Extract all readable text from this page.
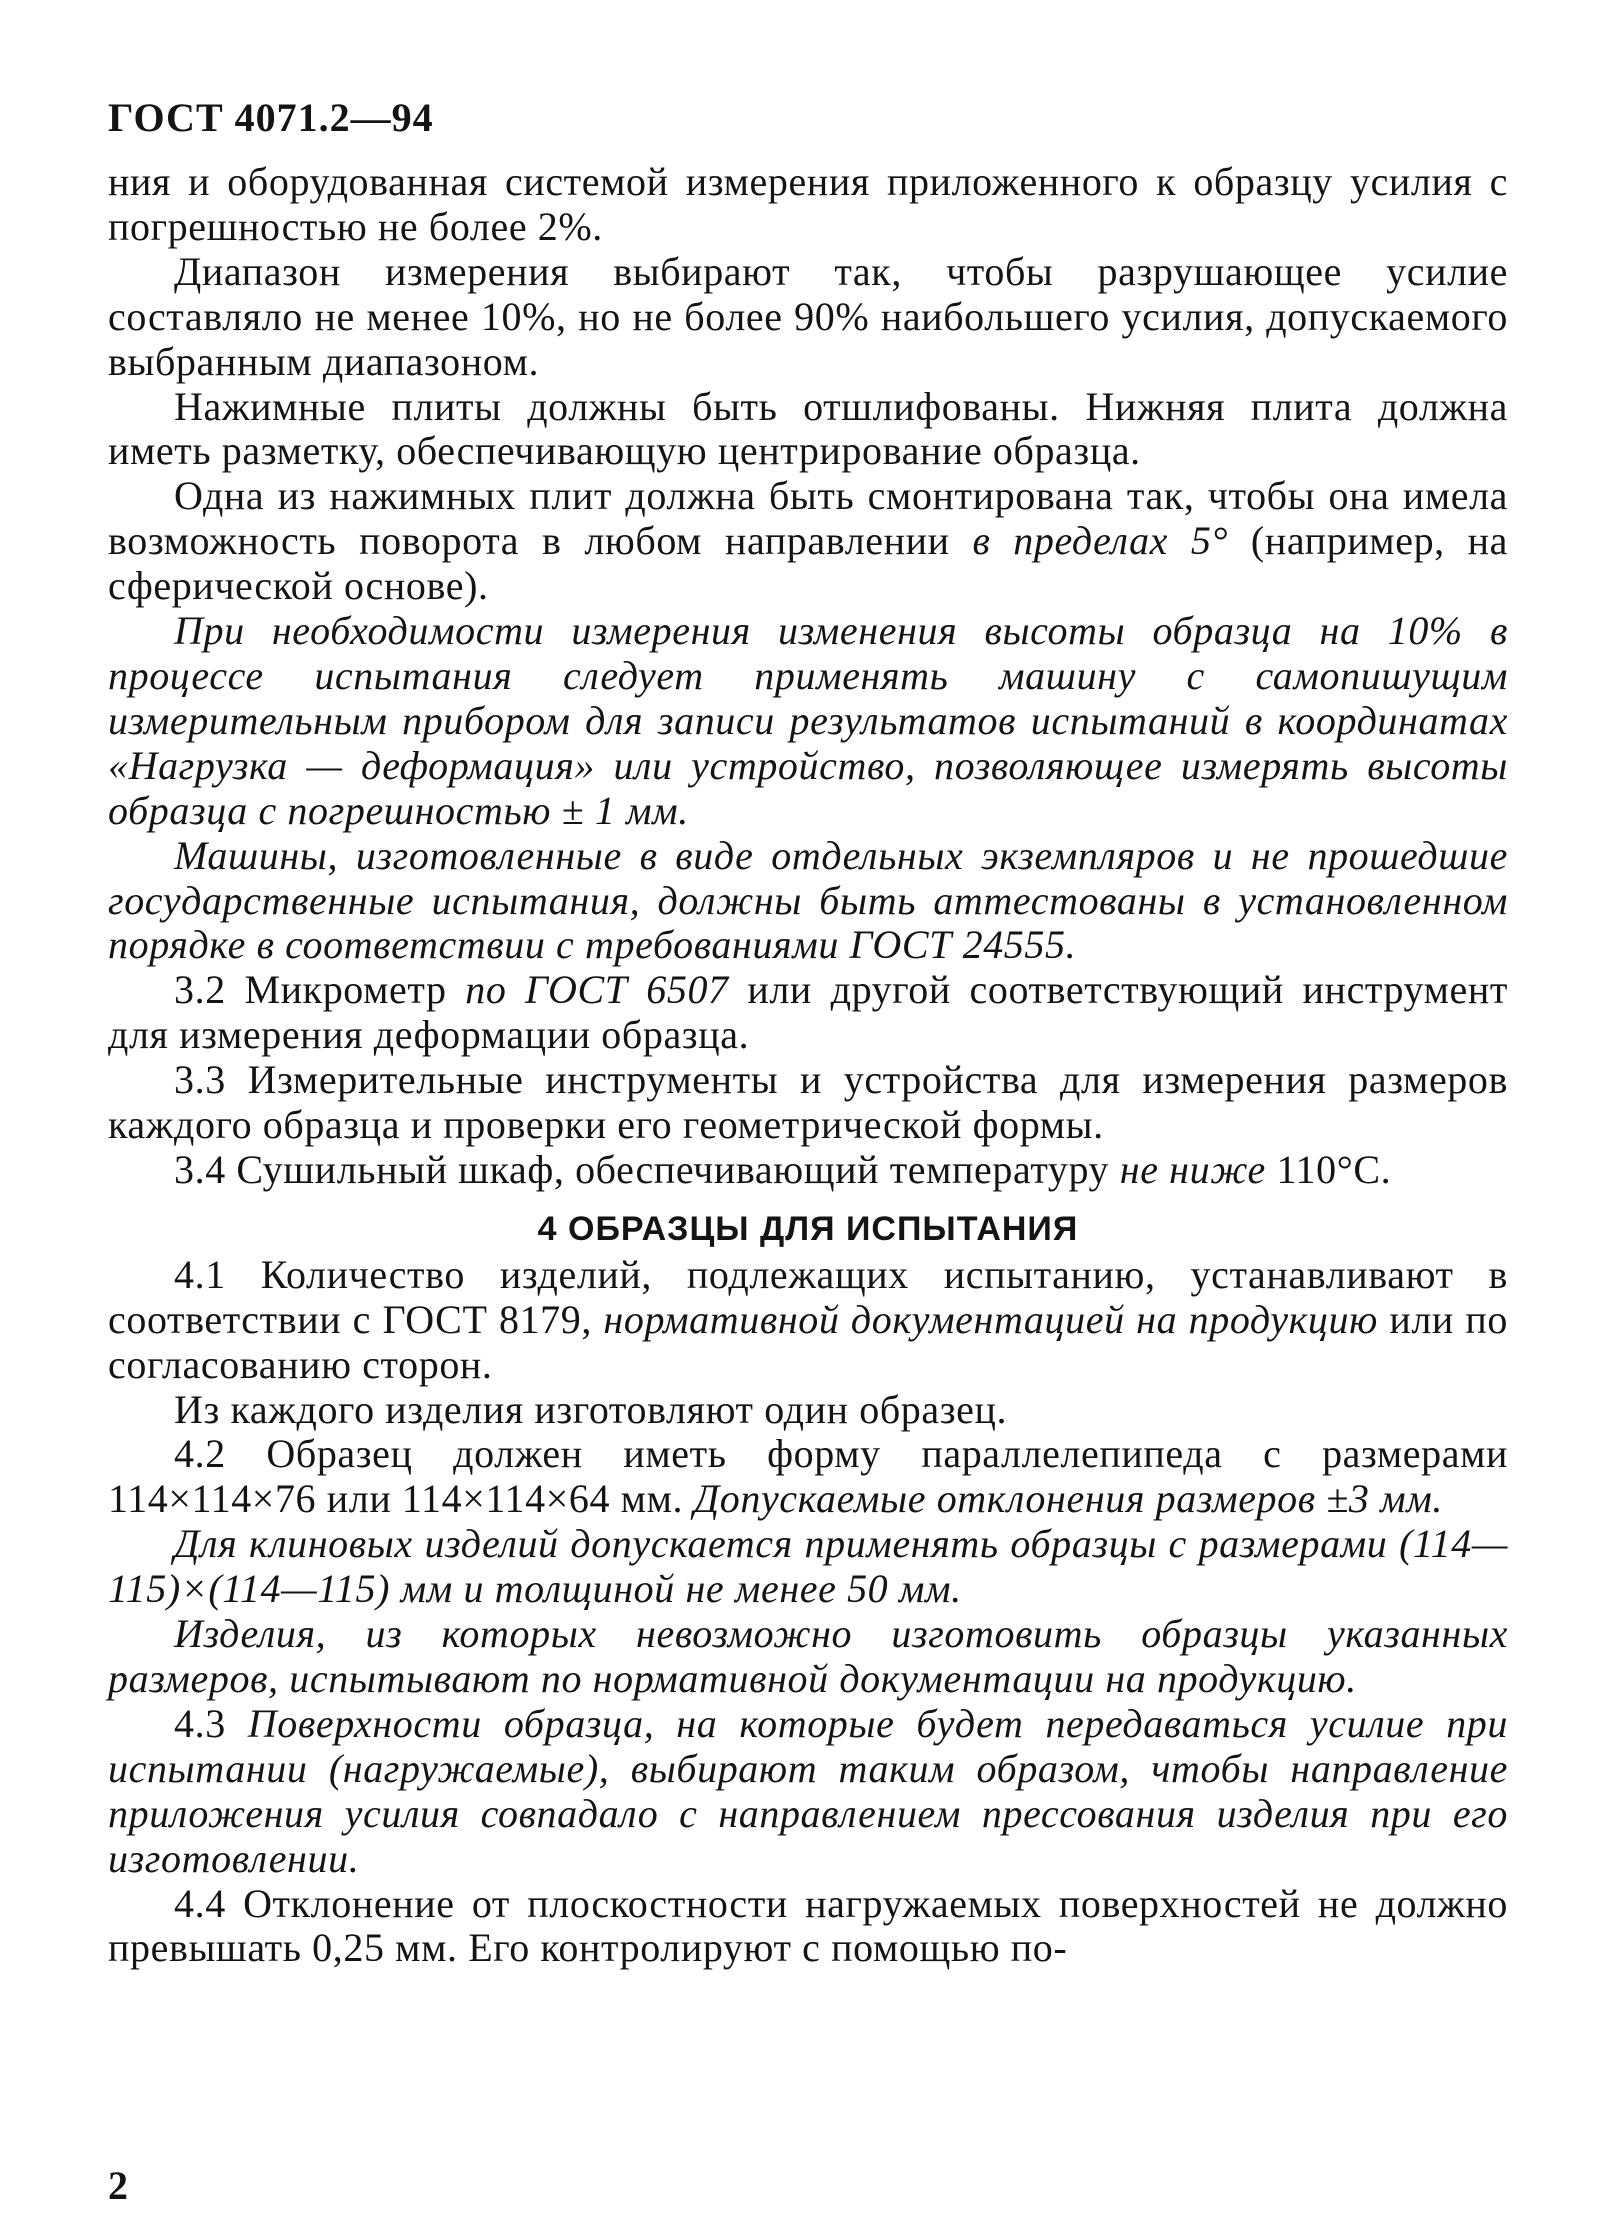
ГОСТ 4071.2—94

ния и оборудованная системой измерения приложенного к образцу усилия с погрешностью не более 2%.

Диапазон измерения выбирают так, чтобы разрушающее усилие составляло не менее 10%, но не более 90% наибольшего усилия, допускаемого выбранным диапазоном.

Нажимные плиты должны быть отшлифованы. Нижняя плита должна иметь разметку, обеспечивающую центрирование образца.

Одна из нажимных плит должна быть смонтирована так, чтобы она имела возможность поворота в любом направлении в пределах 5° (например, на сферической основе).

При необходимости измерения изменения высоты образца на 10% в процессе испытания следует применять машину с самопишущим измерительным прибором для записи результатов испытаний в координатах «Нагрузка — деформация» или устройство, позволяющее измерять высоты образца с погрешностью ± 1 мм.

Машины, изготовленные в виде отдельных экземпляров и не прошедшие государственные испытания, должны быть аттестованы в установленном порядке в соответствии с требованиями ГОСТ 24555.

3.2 Микрометр по ГОСТ 6507 или другой соответствующий инструмент для измерения деформации образца.

3.3 Измерительные инструменты и устройства для измерения размеров каждого образца и проверки его геометрической формы.

3.4 Сушильный шкаф, обеспечивающий температуру не ниже 110°С.

4 ОБРАЗЦЫ ДЛЯ ИСПЫТАНИЯ

4.1 Количество изделий, подлежащих испытанию, устанавливают в соответствии с ГОСТ 8179, нормативной документацией на продукцию или по согласованию сторон.

Из каждого изделия изготовляют один образец.

4.2 Образец должен иметь форму параллелепипеда с размерами 114×114×76 или 114×114×64 мм. Допускаемые отклонения размеров ±3 мм.

Для клиновых изделий допускается применять образцы с размерами (114—115)×(114—115) мм и толщиной не менее 50 мм.

Изделия, из которых невозможно изготовить образцы указанных размеров, испытывают по нормативной документации на продукцию.

4.3 Поверхности образца, на которые будет передаваться усилие при испытании (нагружаемые), выбирают таким образом, чтобы направление приложения усилия совпадало с направлением прессования изделия при его изготовлении.

4.4 Отклонение от плоскостности нагружаемых поверхностей не должно превышать 0,25 мм. Его контролируют с помощью по-

2
